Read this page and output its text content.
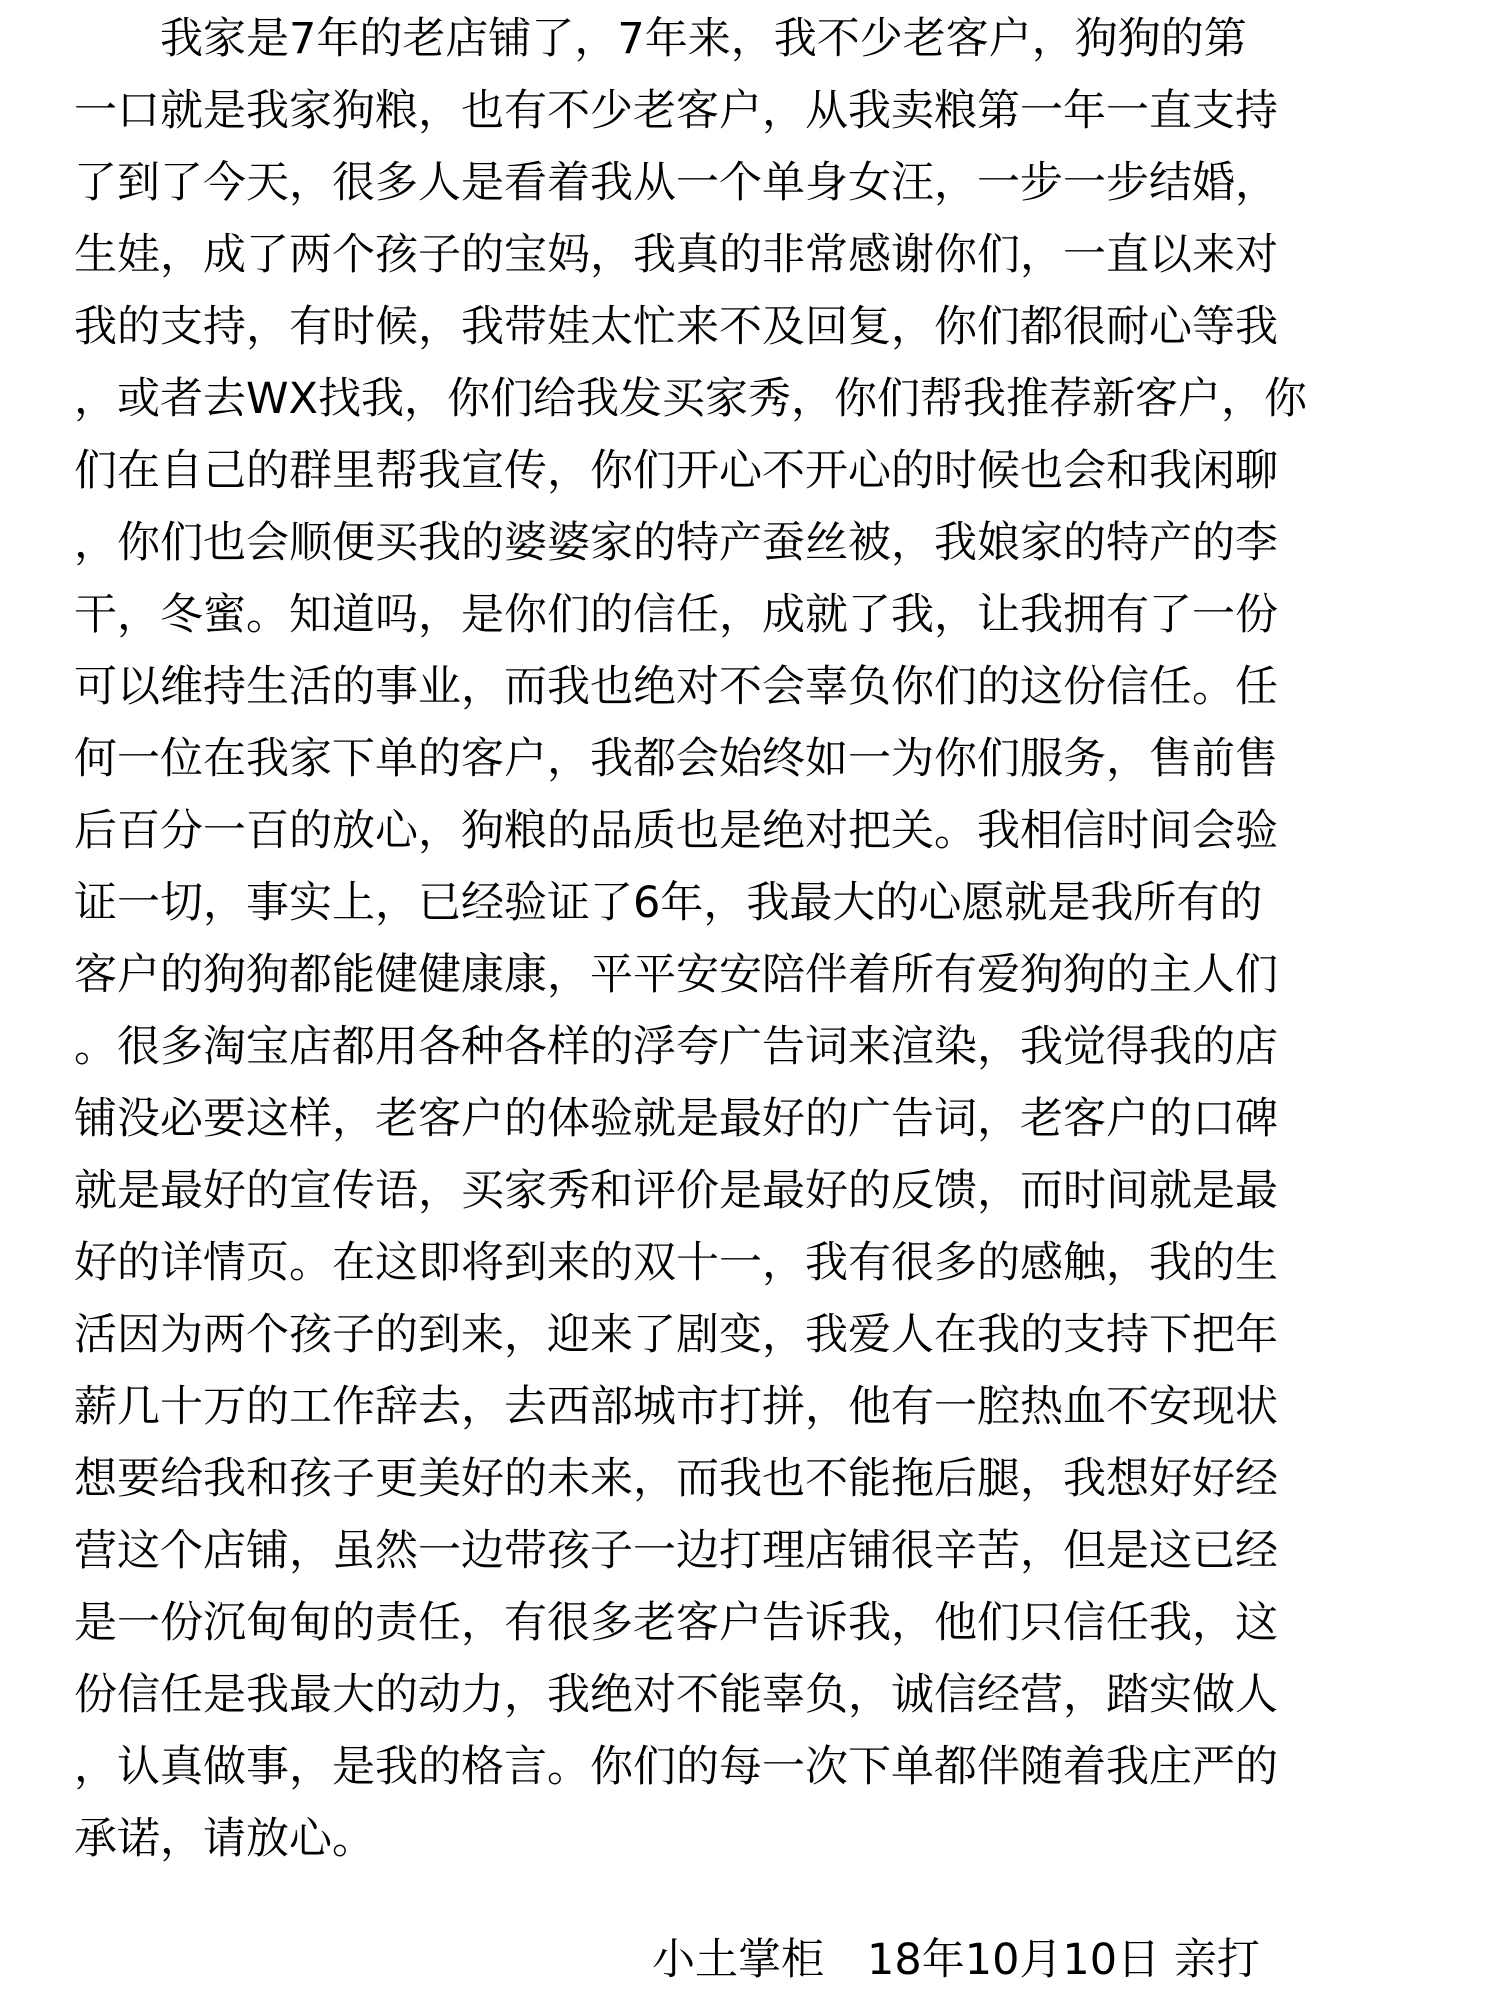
　　我家是7年的老店铺了，7年来，我不少老客户，狗狗的第

一口就是我家狗粮，也有不少老客户，从我卖粮第一年一直支持

了到了今天，很多人是看着我从一个单身女汪，一步一步结婚，

生娃，成了两个孩子的宝妈，我真的非常感谢你们，一直以来对

我的支持，有时候，我带娃太忙来不及回复，你们都很耐心等我

，或者去WX找我，你们给我发买家秀，你们帮我推荐新客户，你

们在自己的群里帮我宣传，你们开心不开心的时候也会和我闲聊

，你们也会顺便买我的婆婆家的特产蚕丝被，我娘家的特产的李

干，冬蜜。知道吗，是你们的信任，成就了我，让我拥有了一份

可以维持生活的事业，而我也绝对不会辜负你们的这份信任。任

何一位在我家下单的客户，我都会始终如一为你们服务，售前售

后百分一百的放心，狗粮的品质也是绝对把关。我相信时间会验

证一切，事实上，已经验证了6年，我最大的心愿就是我所有的

客户的狗狗都能健健康康，平平安安陪伴着所有爱狗狗的主人们

。很多淘宝店都用各种各样的浮夸广告词来渲染，我觉得我的店

铺没必要这样，老客户的体验就是最好的广告词，老客户的口碑

就是最好的宣传语，买家秀和评价是最好的反馈，而时间就是最

好的详情页。在这即将到来的双十一，我有很多的感触，我的生

活因为两个孩子的到来，迎来了剧变，我爱人在我的支持下把年

薪几十万的工作辞去，去西部城市打拼，他有一腔热血不安现状

想要给我和孩子更美好的未来，而我也不能拖后腿，我想好好经

营这个店铺，虽然一边带孩子一边打理店铺很辛苦，但是这已经

是一份沉甸甸的责任，有很多老客户告诉我，他们只信任我，这

份信任是我最大的动力，我绝对不能辜负，诚信经营，踏实做人

，认真做事，是我的格言。你们的每一次下单都伴随着我庄严的

承诺，请放心。

小土掌柜　18年10月10日 亲打
